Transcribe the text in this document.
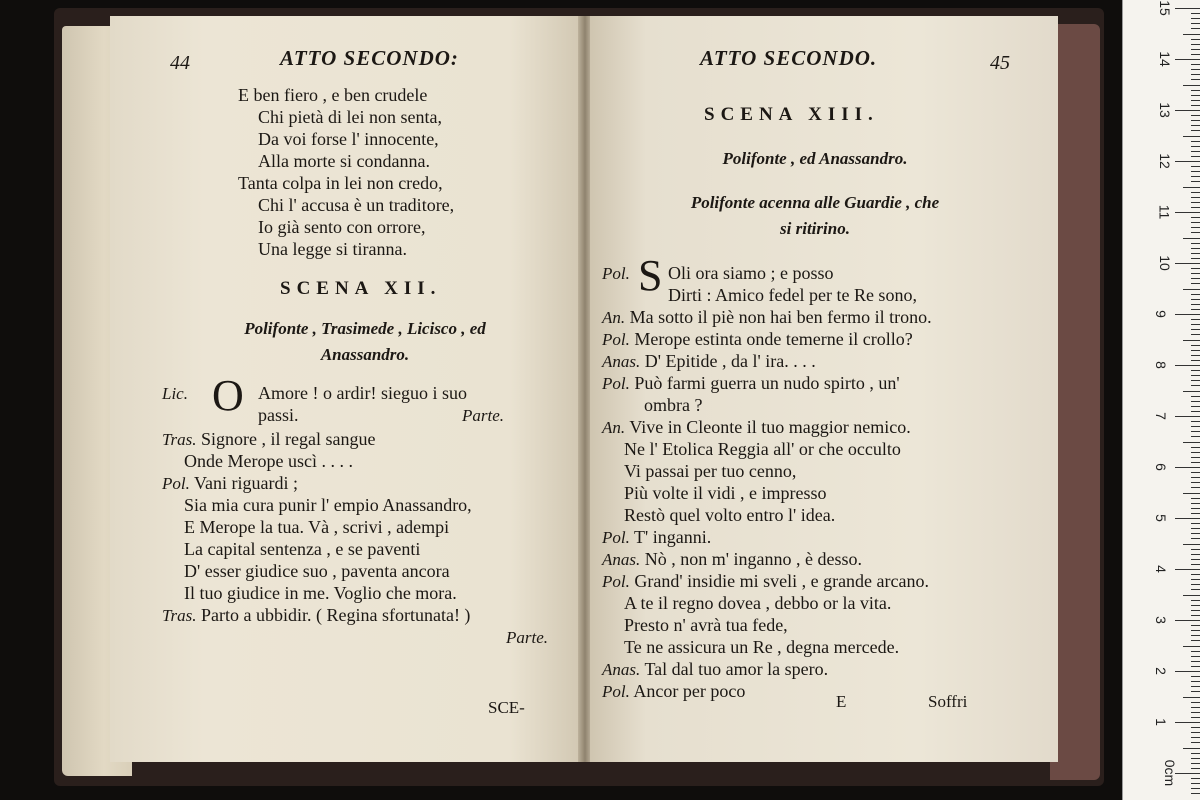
44	ATTO SECONDO:
E ben fiero , e ben crudele
Chi pietà di lei non senta,
Da voi forse l' innocente,
Alla morte si condanna.
Tanta colpa in lei non credo,
Chi l' accusa è un traditore,
Io già sento con orrore,
Una legge si tiranna.
SCENA XII.
Polifonte , Trasimede , Licisco , ed
Anassandro.
O
Lic.	Amore ! o ardir! sieguo i suo
passi.	Parte.
Tras. Signore , il regal sangue
Onde Merope uscì . . . .
Pol. Vani riguardi ;
Sia mia cura punir l' empio Anassandro,
E Merope la tua. Và , scrivi , adempi
La capital sentenza , e se paventi
D' esser giudice suo , paventa ancora
Il tuo giudice in me. Voglio che mora.
Tras. Parto a ubbidir. ( Regina sfortunata! )
Parte.
SCE-
ATTO SECONDO.	45
SCENA XIII.
Polifonte , ed Anassandro.
Polifonte acenna alle Guardie , che
si ritirino.
S
Pol. Oli ora siamo ; e posso
Dirti : Amico fedel per te Re sono,
An. Ma sotto il piè non hai ben fermo il trono.
Pol. Merope estinta onde temerne il crollo?
Anas. D' Epitide , da l' ira. . . .
Pol. Può farmi guerra un nudo spirto , un'
ombra ?
An. Vive in Cleonte il tuo maggior nemico.
Ne l' Etolica Reggia all' or che occulto
Vi passai per tuo cenno,
Più volte il vidi , e impresso
Restò quel volto entro l' idea.
Pol. T' inganni.
Anas. Nò , non m' inganno , è desso.
Pol. Grand' insidie mi sveli , e grande arcano.
A te il regno dovea , debbo or la vita.
Presto n' avrà tua fede,
Te ne assicura un Re , degna mercede.
Anas. Tal dal tuo amor la spero.
Pol. Ancor per poco
E	Soffri
15
14
13
12
11
10
9
8
7
6
5
4
3
2
1
0cm
